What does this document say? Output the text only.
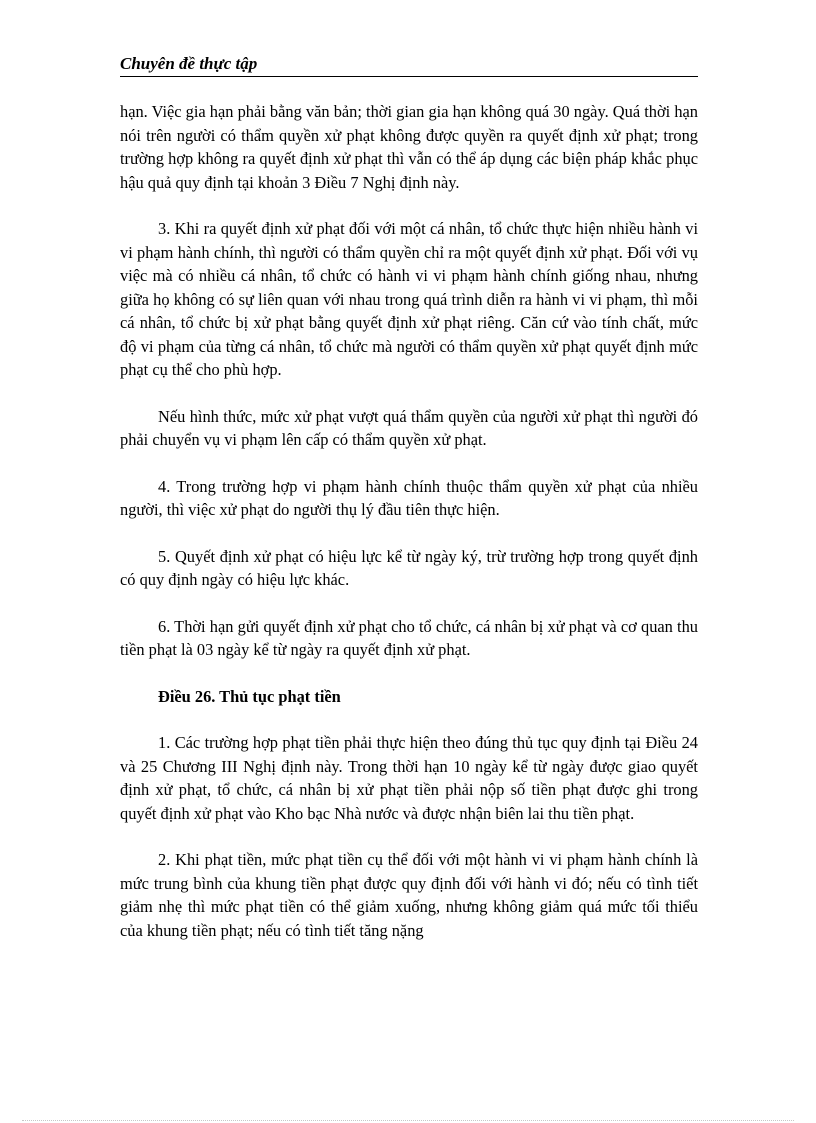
Chuyên đề thực tập

hạn. Việc gia hạn phải bằng văn bản; thời gian gia hạn không quá 30 ngày. Quá thời hạn nói trên người có thẩm quyền xử phạt không được quyền ra quyết định xử phạt; trong trường hợp không ra quyết định xử phạt thì vẫn có thể áp dụng các biện pháp khắc phục hậu quả quy định tại khoản 3 Điều 7 Nghị định này.

3. Khi ra quyết định xử phạt đối với một cá nhân, tổ chức thực hiện nhiều hành vi vi phạm hành chính, thì người có thẩm quyền chỉ ra một quyết định xử phạt. Đối với vụ việc mà có nhiều cá nhân, tổ chức có hành vi vi phạm hành chính giống nhau, nhưng giữa họ không có sự liên quan với nhau trong quá trình diễn ra hành vi vi phạm, thì mỗi cá nhân, tổ chức bị xử phạt bằng quyết định xử phạt riêng. Căn cứ vào tính chất, mức độ vi phạm của từng cá nhân, tổ chức mà người có thẩm quyền xử phạt quyết định mức phạt cụ thể cho phù hợp.

Nếu hình thức, mức xử phạt vượt quá thẩm quyền của người xử phạt thì người đó phải chuyển vụ vi phạm lên cấp có thẩm quyền xử phạt.

4. Trong trường hợp vi phạm hành chính thuộc thẩm quyền xử phạt của nhiều người, thì việc xử phạt do người thụ lý đầu tiên thực hiện.

5. Quyết định xử phạt có hiệu lực kể từ ngày ký, trừ trường hợp trong quyết định có quy định ngày có hiệu lực khác.

6. Thời hạn gửi quyết định xử phạt cho tổ chức, cá nhân bị xử phạt và cơ quan thu tiền phạt là 03 ngày kể từ ngày ra quyết định xử phạt.

Điều 26. Thủ tục phạt tiền

1. Các trường hợp phạt tiền phải thực hiện theo đúng thủ tục quy định tại Điều 24 và 25 Chương III Nghị định này. Trong thời hạn 10 ngày kể từ ngày được giao quyết định xử phạt, tổ chức, cá nhân bị xử phạt tiền phải nộp số tiền phạt được ghi trong quyết định xử phạt vào Kho bạc Nhà nước và được nhận biên lai thu tiền phạt.

2. Khi phạt tiền, mức phạt tiền cụ thể đối với một hành vi vi phạm hành chính là mức trung bình của khung tiền phạt được quy định đối với hành vi đó; nếu có tình tiết giảm nhẹ thì mức phạt tiền có thể giảm xuống, nhưng không giảm quá mức tối thiểu của khung tiền phạt; nếu có tình tiết tăng nặng
